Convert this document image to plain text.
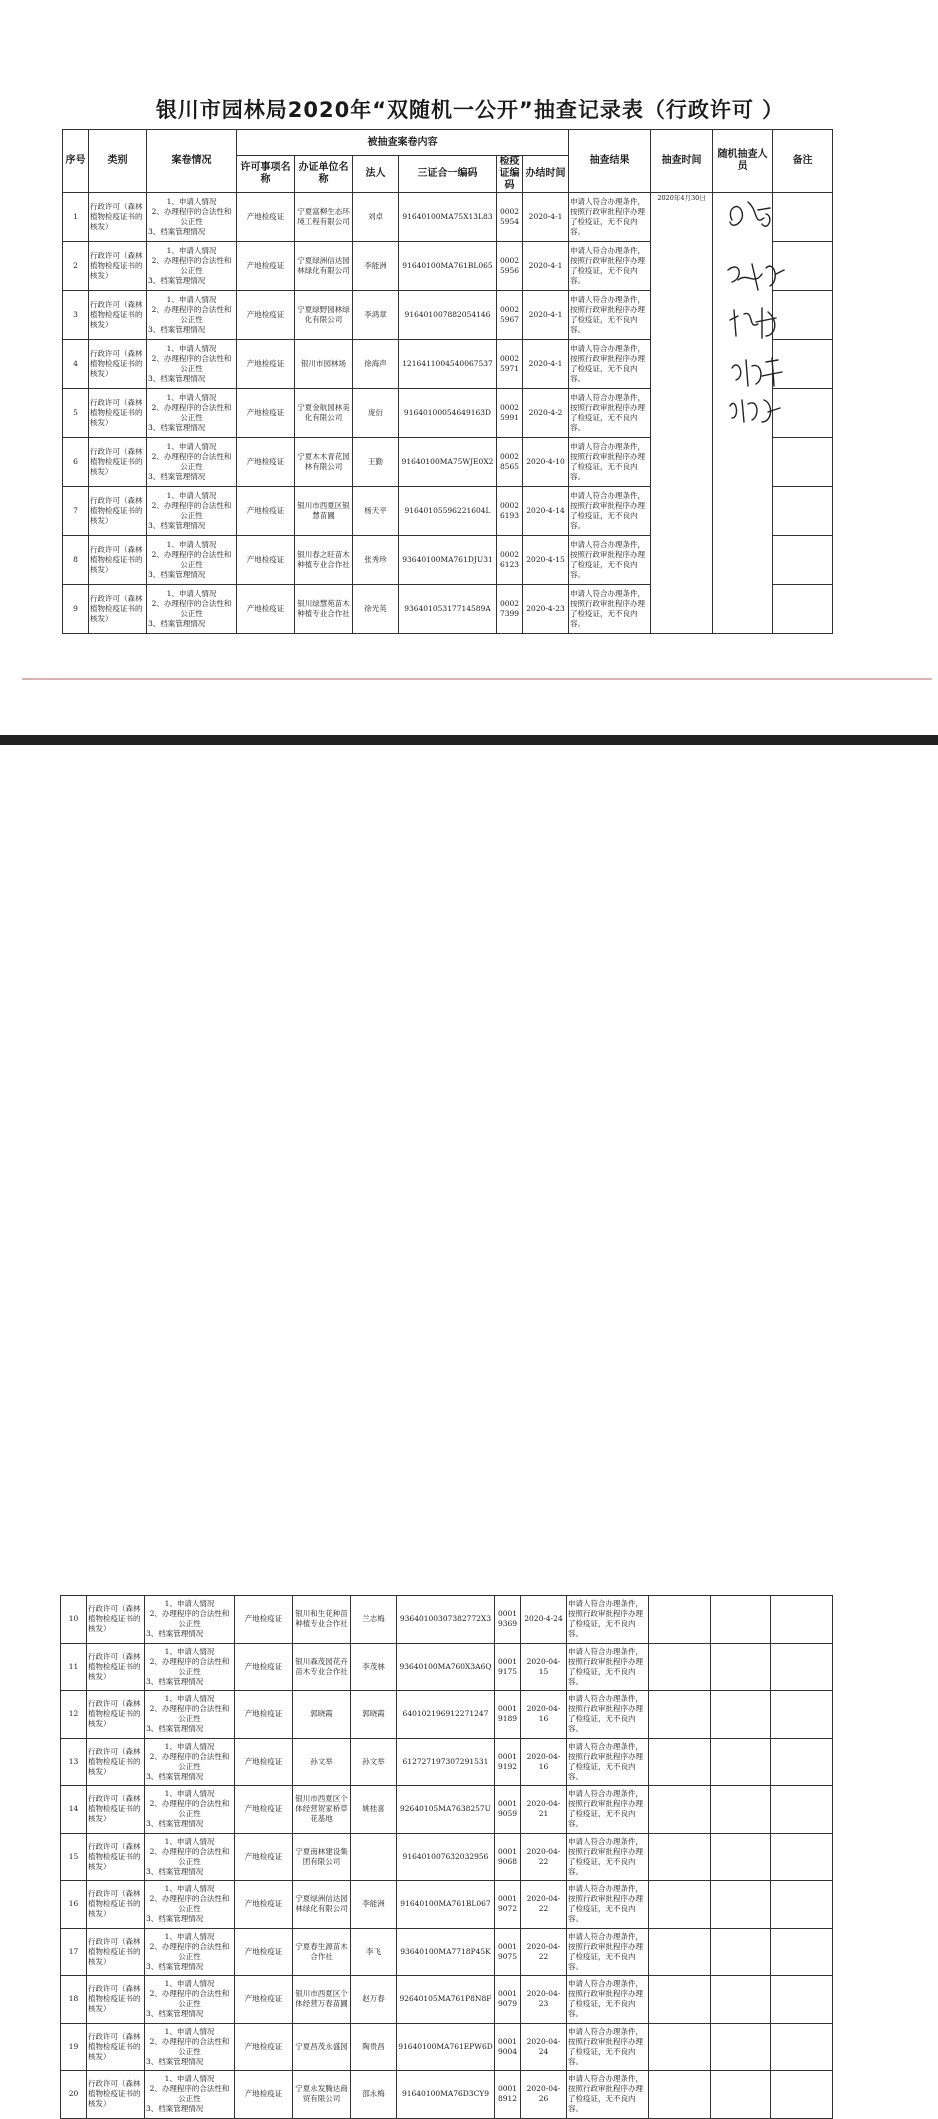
银川市园林局2020年“双随机一公开”抽查记录表（行政许可 ）
序号	类别	案卷情况	被抽查案卷内容						抽查结果	抽查时间	随机抽查人员	备注
			许可事项名称	办证单位名称	法人	三证合一编码	检疫证编码	办结时间				
1	行政许可（森林植物检疫证书的核发）	1、申请人情况
2、办理程序的合法性和公正性
3、档案管理情况	产地检疫证	宁夏富柳生态环境工程有限公司	刘卓	91640100MA75X13L83	00025954	2020-4-1	申请人符合办理条件，按照行政审批程序办理了检疫证，无不良内容。	2020年4月30日		
2	行政许可（森林植物检疫证书的核发）	1、申请人情况
2、办理程序的合法性和公正性
3、档案管理情况	产地检疫证	宁夏绿洲信达园林绿化有限公司	李能洲	91640100MA761BL065	00025956	2020-4-1	申请人符合办理条件，按照行政审批程序办理了检疫证，无不良内容。			
3	行政许可（森林植物检疫证书的核发）	1、申请人情况
2、办理程序的合法性和公正性
3、档案管理情况	产地检疫证	宁夏绿野园林绿化有限公司	李鸿章	916401007882054146	00025967	2020-4-1	申请人符合办理条件，按照行政审批程序办理了检疫证，无不良内容。			
4	行政许可（森林植物检疫证书的核发）	1、申请人情况
2、办理程序的合法性和公正性
3、档案管理情况	产地检疫证	银川市园林场	徐海声	1216411004540067537	00025971	2020-4-1	申请人符合办理条件，按照行政审批程序办理了检疫证，无不良内容。			
5	行政许可（森林植物检疫证书的核发）	1、申请人情况
2、办理程序的合法性和公正性
3、档案管理情况	产地检疫证	宁夏金航园林美化有限公司	庞衍	91640100054649163D	00025991	2020-4-2	申请人符合办理条件，按照行政审批程序办理了检疫证，无不良内容。			
6	行政许可（森林植物检疫证书的核发）	1、申请人情况
2、办理程序的合法性和公正性
3、档案管理情况	产地检疫证	宁夏木木青花园林有限公司	王勤	91640100MA75WJE0X2	00028565	2020-4-10	申请人符合办理条件，按照行政审批程序办理了检疫证，无不良内容。			
7	行政许可（森林植物检疫证书的核发）	1、申请人情况
2、办理程序的合法性和公正性
3、档案管理情况	产地检疫证	银川市西夏区银慧苗圃	杨天平	91640105596221604L	00026193	2020-4-14	申请人符合办理条件，按照行政审批程序办理了检疫证，无不良内容。			
8	行政许可（森林植物检疫证书的核发）	1、申请人情况
2、办理程序的合法性和公正性
3、档案管理情况	产地检疫证	银川春之旺苗木种植专业合作社	张秀珍	93640100MA761DJU31	00026123	2020-4-15	申请人符合办理条件，按照行政审批程序办理了检疫证，无不良内容。			
9	行政许可（森林植物检疫证书的核发）	1、申请人情况
2、办理程序的合法性和公正性
3、档案管理情况	产地检疫证	银川绿慧苑苗木种植专业合作社	徐光英	93640105317714589A	00027399	2020-4-23	申请人符合办理条件，按照行政审批程序办理了检疫证，无不良内容。			
10	行政许可（森林植物检疫证书的核发）	1、申请人情况
2、办理程序的合法性和公正性
3、档案管理情况	产地检疫证	银川和生花种苗种植专业合作社	兰志梅	93640100307382772X3	00019369	2020-4-24	申请人符合办理条件，按照行政审批程序办理了检疫证，无不良内容。			
11	行政许可（森林植物检疫证书的核发）	1、申请人情况
2、办理程序的合法性和公正性
3、档案管理情况	产地检疫证	银川森茂园花卉苗木专业合作社	李茂林	93640100MA760X3A6Q	00019175	2020-04-15	申请人符合办理条件，按照行政审批程序办理了检疫证，无不良内容。			
12	行政许可（森林植物检疫证书的核发）	1、申请人情况
2、办理程序的合法性和公正性
3、档案管理情况	产地检疫证	郭晓霞	郭晓霞	640102196912271247	00019189	2020-04-16	申请人符合办理条件，按照行政审批程序办理了检疫证，无不良内容。			
13	行政许可（森林植物检疫证书的核发）	1、申请人情况
2、办理程序的合法性和公正性
3、档案管理情况	产地检疫证	孙文举	孙文举	612727197307291531	00019192	2020-04-16	申请人符合办理条件，按照行政审批程序办理了检疫证，无不良内容。			
14	行政许可（森林植物检疫证书的核发）	1、申请人情况
2、办理程序的合法性和公正性
3、档案管理情况	产地检疫证	银川市西夏区个体经营贺家桥草花基地	姚桂喜	92640105MA7638257U	00019059	2020-04-21	申请人符合办理条件，按照行政审批程序办理了检疫证，无不良内容。			
15	行政许可（森林植物检疫证书的核发）	1、申请人情况
2、办理程序的合法性和公正性
3、档案管理情况	产地检疫证	宁夏南林建设集团有限公司		916401007632032956	00019068	2020-04-22	申请人符合办理条件，按照行政审批程序办理了检疫证，无不良内容。			
16	行政许可（森林植物检疫证书的核发）	1、申请人情况
2、办理程序的合法性和公正性
3、档案管理情况	产地检疫证	宁夏绿洲信达园林绿化有限公司	李能洲	91640100MA761BL067	00019072	2020-04-22	申请人符合办理条件，按照行政审批程序办理了检疫证，无不良内容。			
17	行政许可（森林植物检疫证书的核发）	1、申请人情况
2、办理程序的合法性和公正性
3、档案管理情况	产地检疫证	宁夏春生源苗木合作社	李飞	93640100MA7718P45K	00019075	2020-04-22	申请人符合办理条件，按照行政审批程序办理了检疫证，无不良内容。			
18	行政许可（森林植物检疫证书的核发）	1、申请人情况
2、办理程序的合法性和公正性
3、档案管理情况	产地检疫证	银川市西夏区个体经营万春苗圃	赵万春	92640105MA761P8N8F	00019079	2020-04-23	申请人符合办理条件，按照行政审批程序办理了检疫证，无不良内容。			
19	行政许可（森林植物检疫证书的核发）	1、申请人情况
2、办理程序的合法性和公正性
3、档案管理情况	产地检疫证	宁夏昌茂永盛园	陶贵昌	91640100MA761EPW6D	00019004	2020-04-24	申请人符合办理条件，按照行政审批程序办理了检疫证，无不良内容。			
20	行政许可（森林植物检疫证书的核发）	1、申请人情况
2、办理程序的合法性和公正性
3、档案管理情况	产地检疫证	宁夏永发腾达商贸有限公司	邵永梅	91640100MA76D3CY9	00018912	2020-04-26	申请人符合办理条件，按照行政审批程序办理了检疫证，无不良内容。			
